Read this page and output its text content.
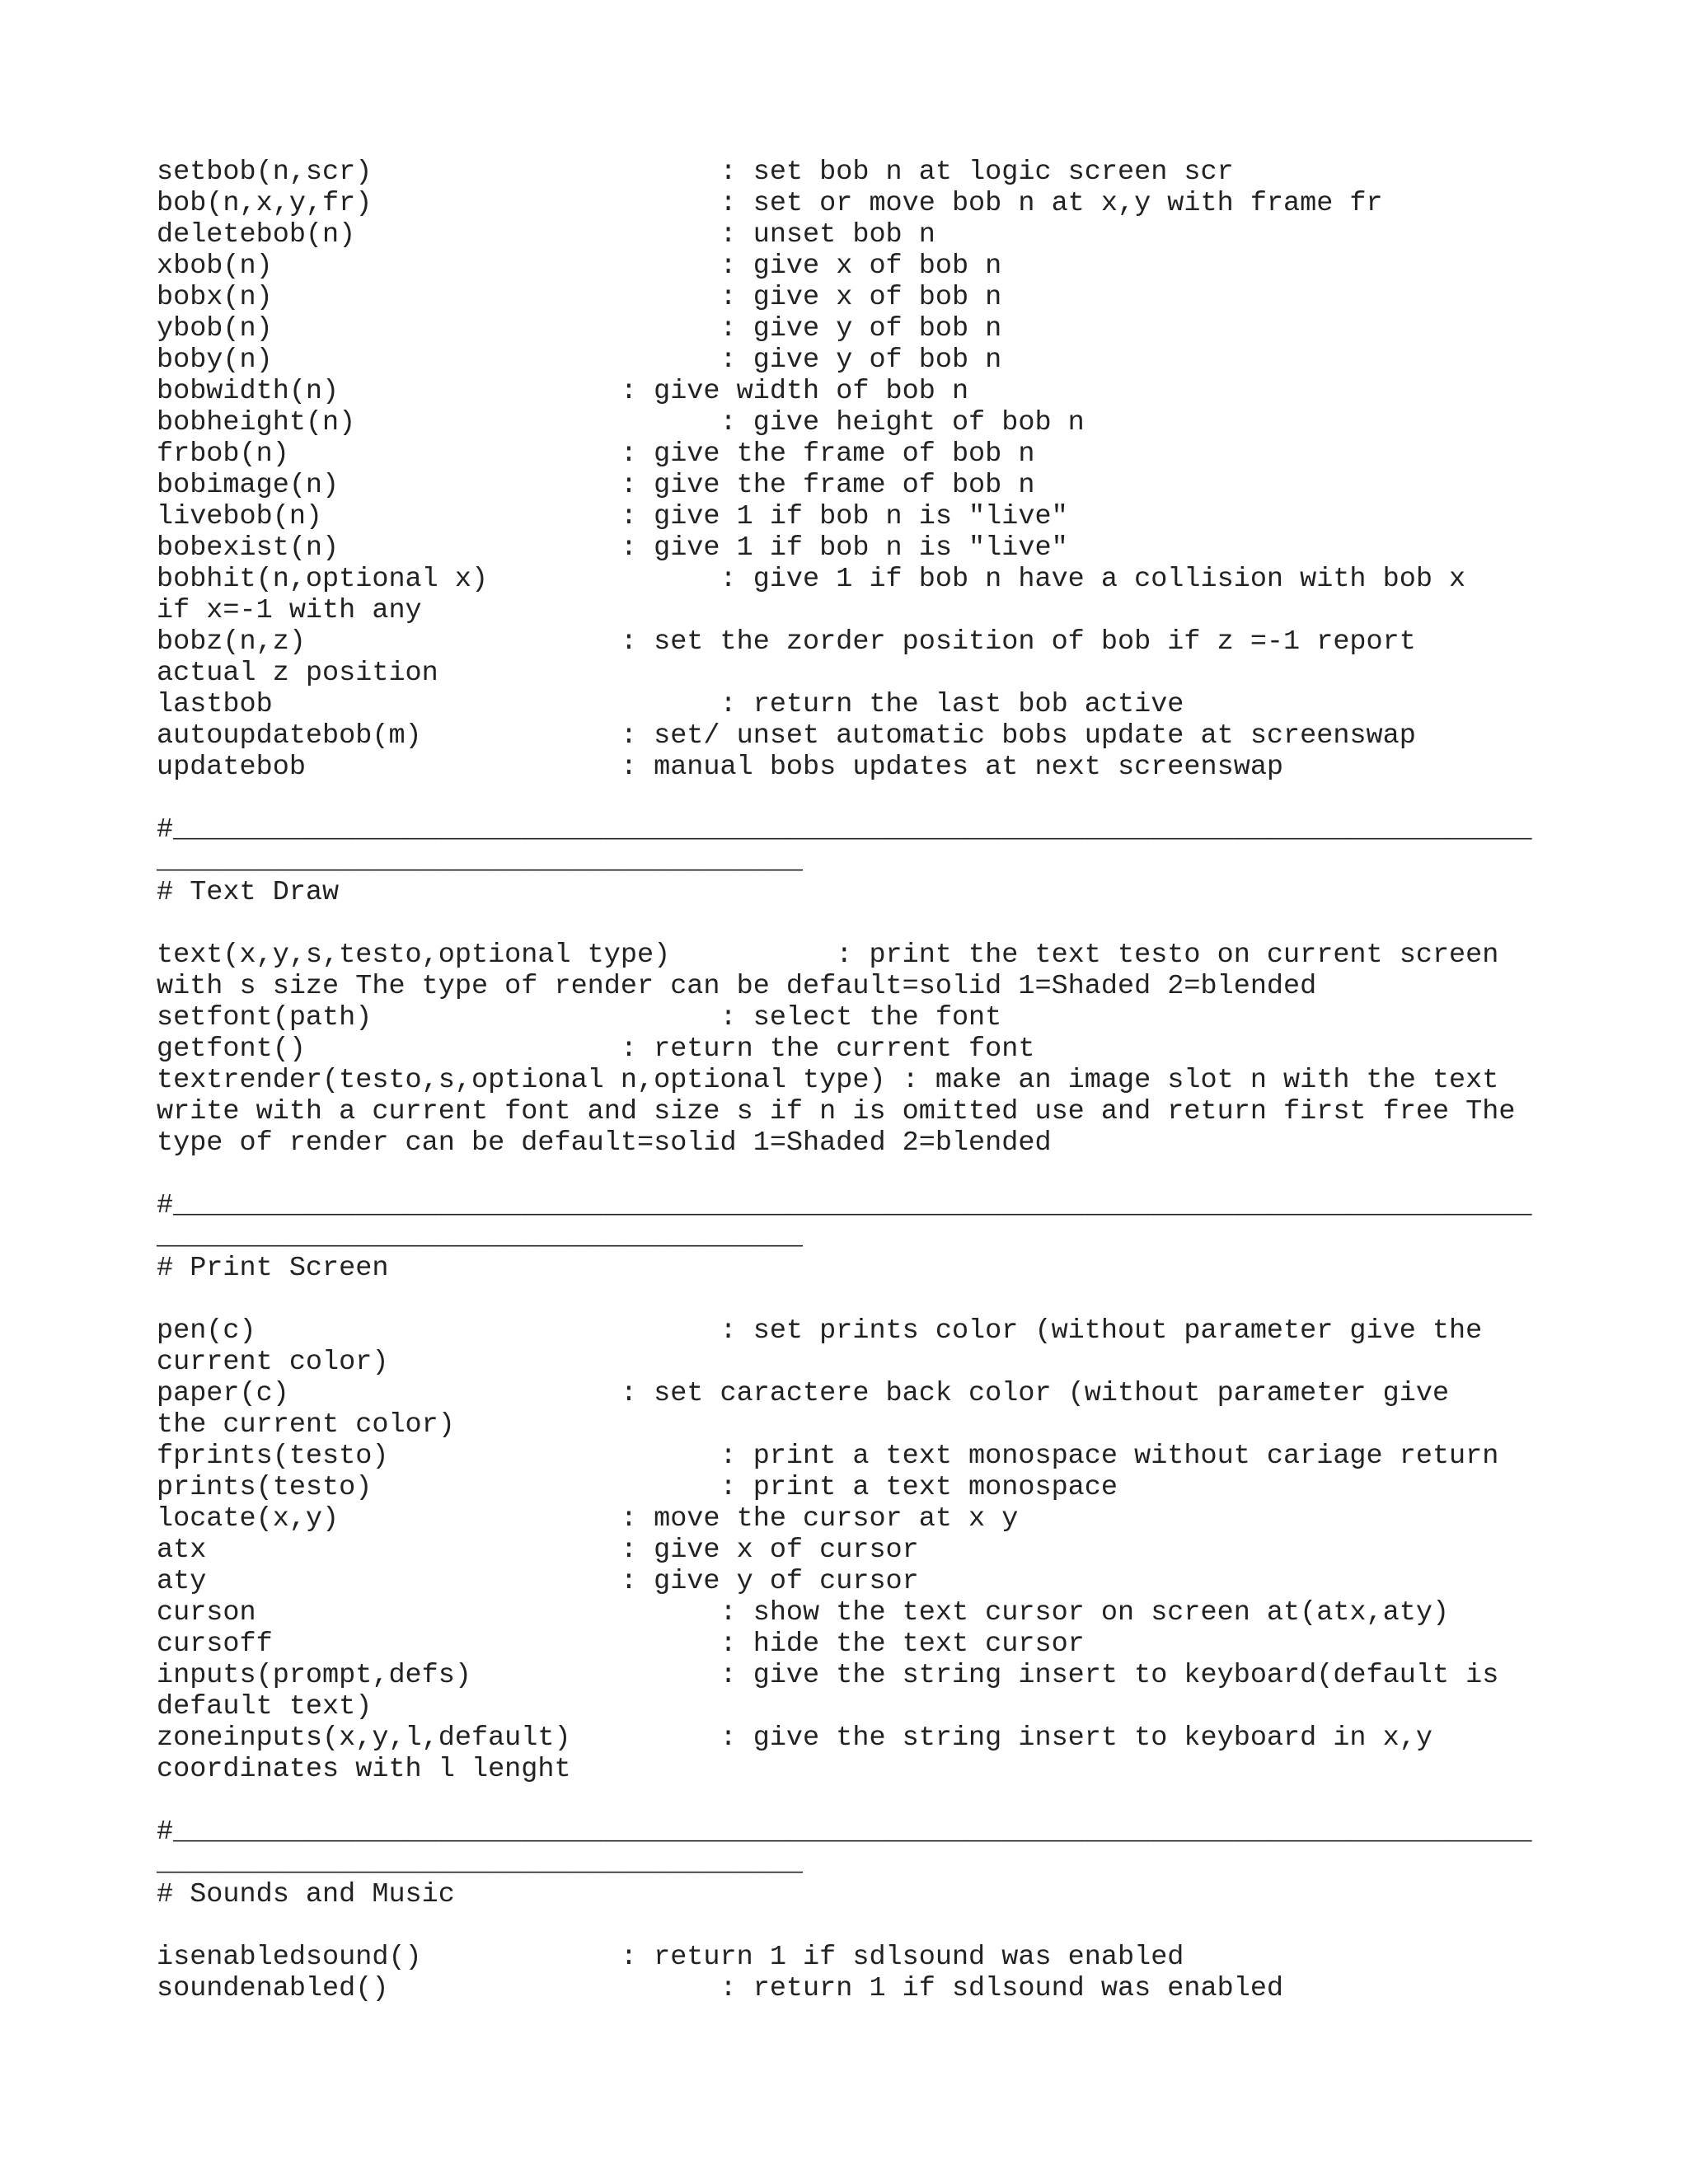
setbob(n,scr)                     : set bob n at logic screen scr
bob(n,x,y,fr)                     : set or move bob n at x,y with frame fr
deletebob(n)                      : unset bob n
xbob(n)                           : give x of bob n
bobx(n)                           : give x of bob n
ybob(n)                           : give y of bob n
boby(n)                           : give y of bob n
bobwidth(n)                 : give width of bob n
bobheight(n)                      : give height of bob n
frbob(n)                    : give the frame of bob n
bobimage(n)                 : give the frame of bob n
livebob(n)                  : give 1 if bob n is "live"
bobexist(n)                 : give 1 if bob n is "live"
bobhit(n,optional x)              : give 1 if bob n have a collision with bob x
if x=-1 with any
bobz(n,z)                   : set the zorder position of bob if z =-1 report
actual z position
lastbob                           : return the last bob active
autoupdatebob(m)            : set/ unset automatic bobs update at screenswap
updatebob                   : manual bobs updates at next screenswap
#__________________________________________________________________________________
_______________________________________
# Text Draw
text(x,y,s,testo,optional type)          : print the text testo on current screen
with s size The type of render can be default=solid 1=Shaded 2=blended
setfont(path)                     : select the font
getfont()                   : return the current font
textrender(testo,s,optional n,optional type) : make an image slot n with the text
write with a current font and size s if n is omitted use and return first free The
type of render can be default=solid 1=Shaded 2=blended
#__________________________________________________________________________________
_______________________________________
# Print Screen
pen(c)                            : set prints color (without parameter give the
current color)
paper(c)                    : set caractere back color (without parameter give
the current color)
fprints(testo)                    : print a text monospace without cariage return
prints(testo)                     : print a text monospace
locate(x,y)                 : move the cursor at x y
atx                         : give x of cursor
aty                         : give y of cursor
curson                            : show the text cursor on screen at(atx,aty)
cursoff                           : hide the text cursor
inputs(prompt,defs)               : give the string insert to keyboard(default is
default text)
zoneinputs(x,y,l,default)         : give the string insert to keyboard in x,y
coordinates with l lenght
#__________________________________________________________________________________
_______________________________________
# Sounds and Music
isenabledsound()            : return 1 if sdlsound was enabled
soundenabled()                    : return 1 if sdlsound was enabled
